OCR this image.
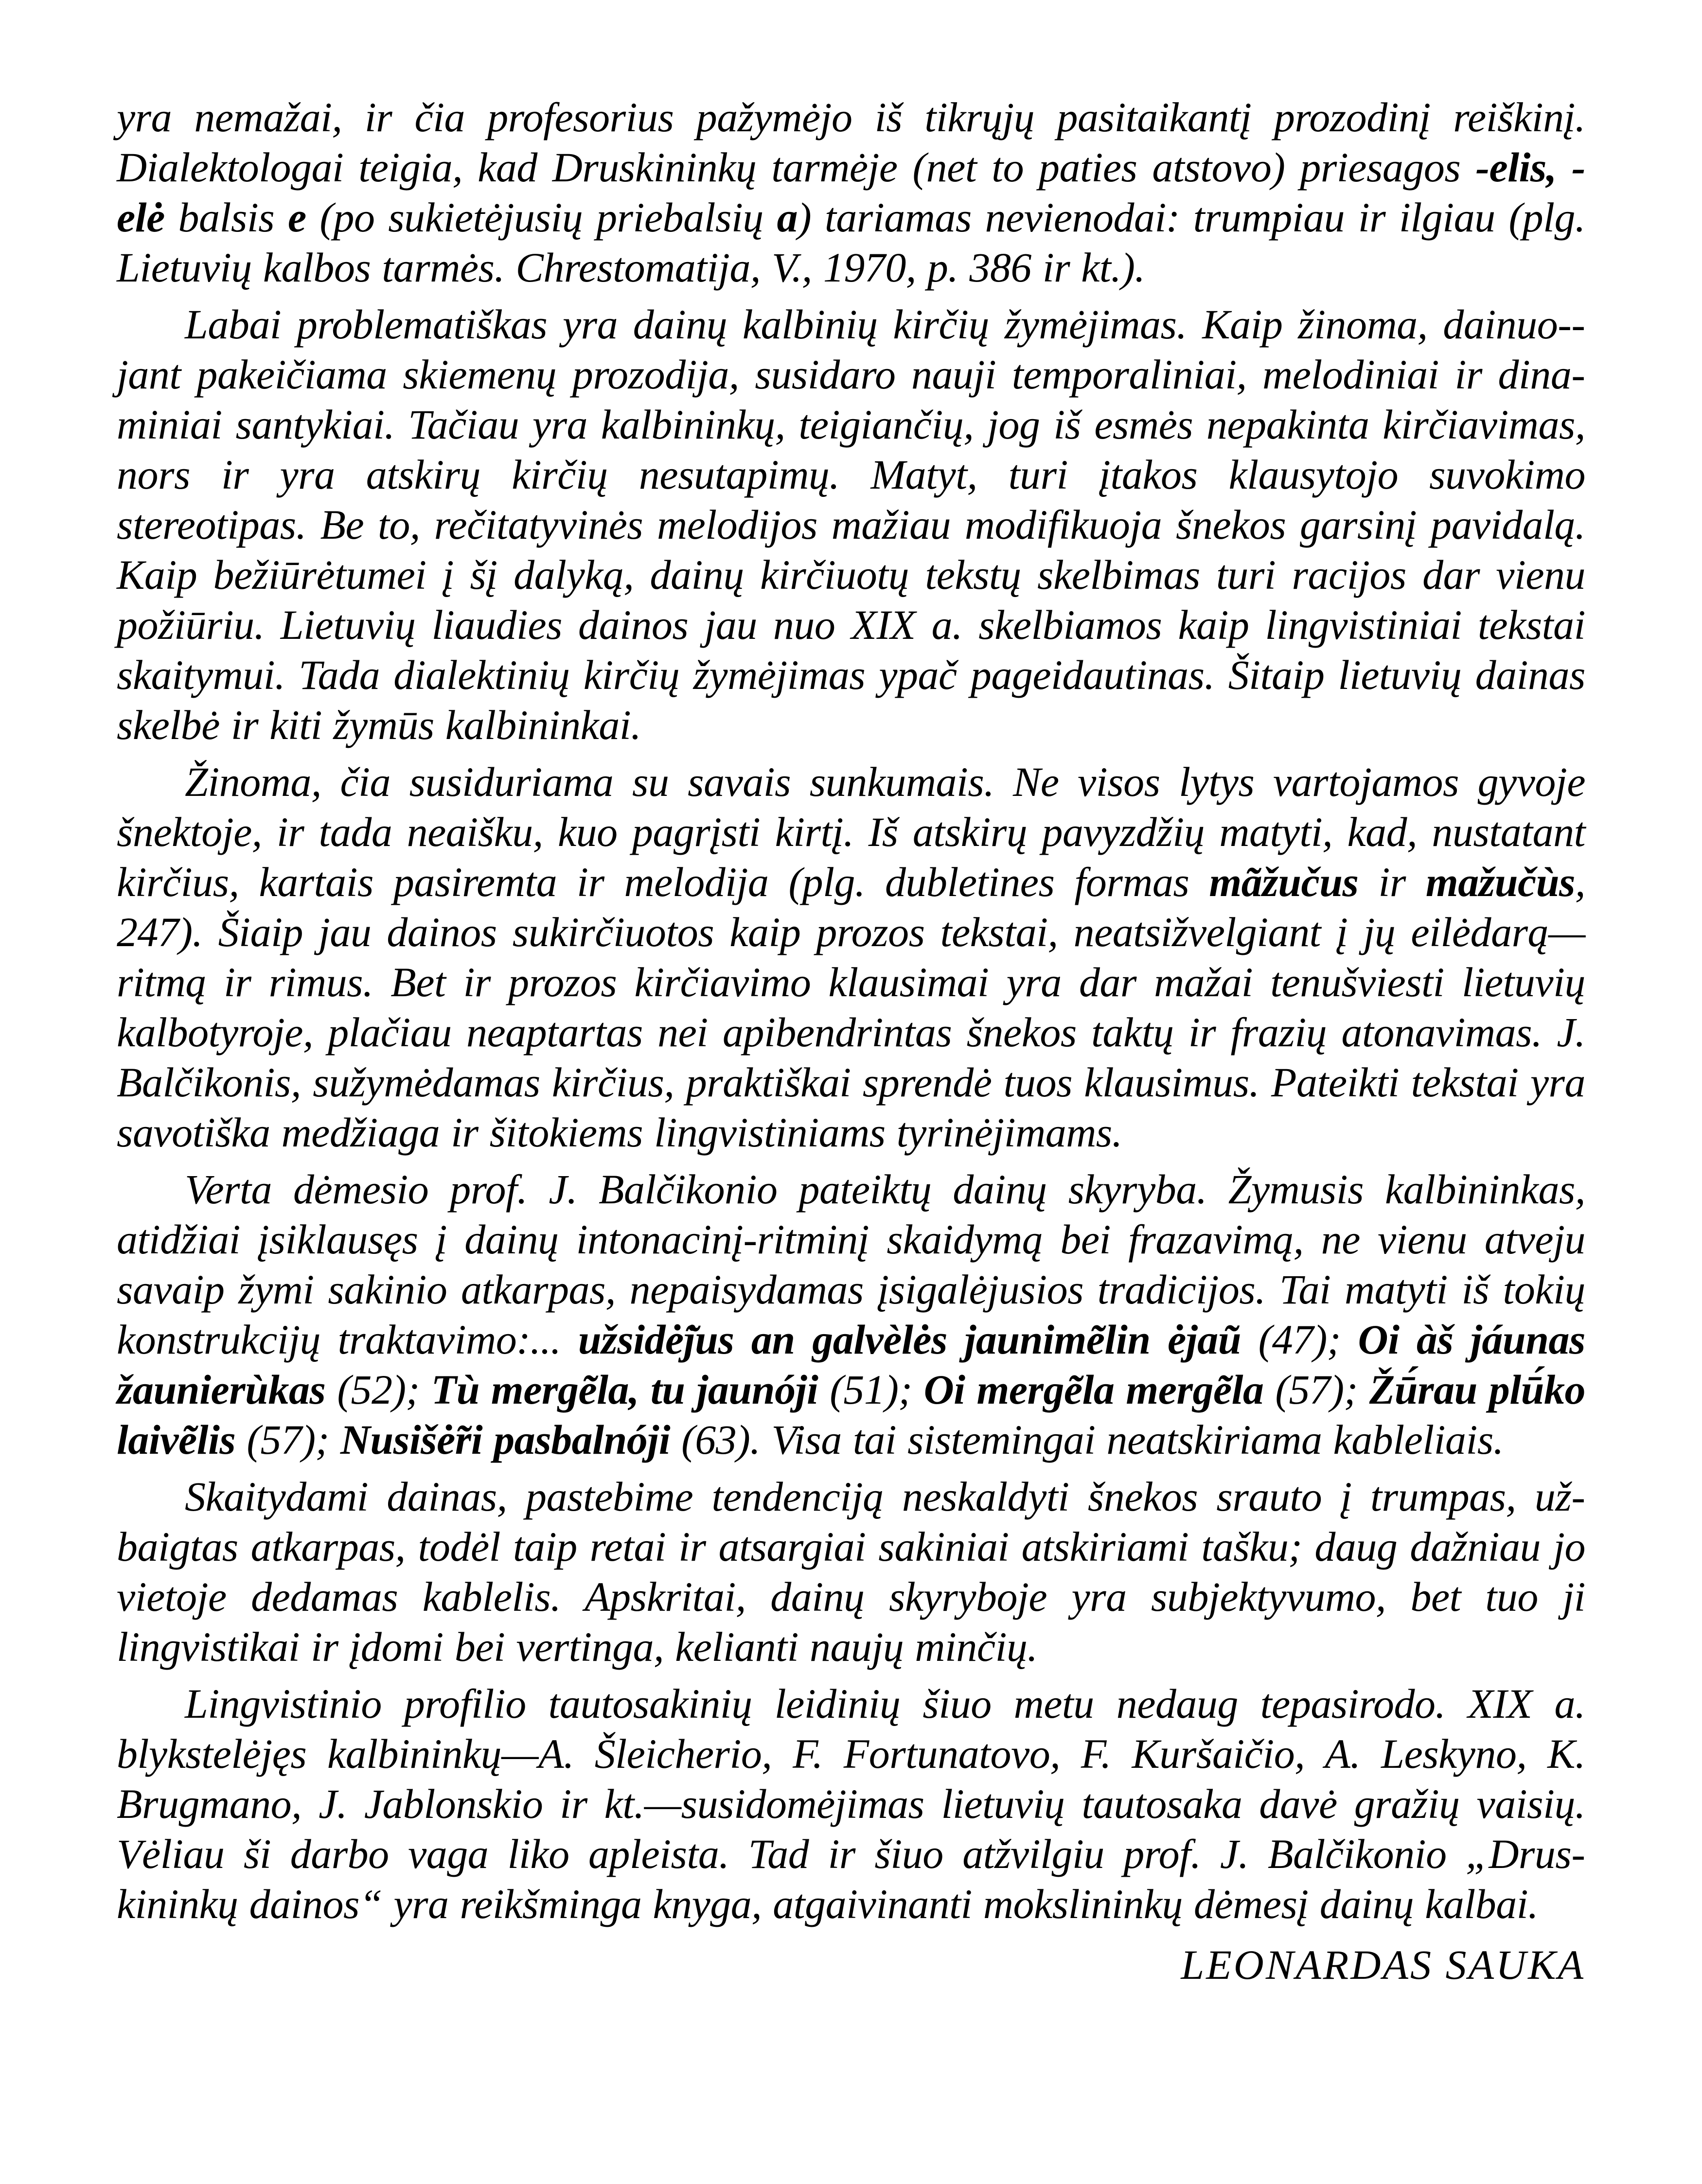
yra nemažai, ir čia profesorius pažymėjo iš tikrųjų pasitaikantį prozodinį reiškinį. Dialektologai teigia, kad Druskininkų tarmėje (net to paties atstovo) priesagos -elis, -elė balsis e (po sukietėjusių priebalsių a) tariamas nevienodai: trumpiau ir ilgiau (plg. Lietuvių kalbos tarmės. Chrestomatija, V., 1970, p. 386 ir kt.).

Labai problematiškas yra dainų kalbinių kirčių žymėjimas. Kaip žinoma, dainuo-jant pakeičiama skiemenų prozodija, susidaro nauji temporaliniai, melodiniai ir dinaminiai santykiai. Tačiau yra kalbininkų, teigiančių, jog iš esmės nepakinta kirčiavimas, nors ir yra atskirų kirčių nesutapimų. Matyt, turi įtakos klausytojo suvokimo stereotipas. Be to, rečitatyvinės melodijos mažiau modifikuoja šnekos garsinį pavidalą. Kaip bežiūrėtumei į šį dalyką, dainų kirčiuotų tekstų skelbimas turi racijos dar vienu požiūriu. Lietuvių liaudies dainos jau nuo XIX a. skelbiamos kaip lingvistiniai tekstai skaitymui. Tada dialektinių kirčių žymėjimas ypač pageidautinas. Šitaip lietuvių dainas skelbė ir kiti žymūs kalbininkai.

Žinoma, čia susiduriama su savais sunkumais. Ne visos lytys vartojamos gyvoje šnektoje, ir tada neaišku, kuo pagrįsti kirtį. Iš atskirų pavyzdžių matyti, kad, nustatant kirčius, kartais pasiremta ir melodija (plg. dubletines formas mãžučus ir mažučùs, 247). Šiaip jau dainos sukirčiuotos kaip prozos tekstai, neatsižvelgiant į jų eilėdarą—ritmą ir rimus. Bet ir prozos kirčiavimo klausimai yra dar mažai tenušviesti lietuvių kalbotyroje, plačiau neaptartas nei apibendrintas šnekos taktų ir frazių atonavimas. J. Balčikonis, sužymėdamas kirčius, praktiškai sprendė tuos klausimus. Pateikti tekstai yra savotiška medžiaga ir šitokiems lingvistiniams tyrinėjimams.

Verta dėmesio prof. J. Balčikonio pateiktų dainų skyryba. Žymusis kalbininkas, atidžiai įsiklausęs į dainų intonacinį-ritminį skaidymą bei frazavimą, ne vienu atveju savaip žymi sakinio atkarpas, nepaisydamas įsigalėjusios tradicijos. Tai matyti iš tokių konstrukcijų traktavimo:... užsidė̃jus an galvèlės jaunimẽlin ėjaũ (47); Oi àš jáunas žaunierùkas (52); Tù mergẽla, tu jaunóji (51); Oi mergẽla mergẽla (57); Žū́rau plū́ko laivẽlis (57); Nusišė̃ri pasbalnóji (63). Visa tai sistemingai neatskiriama kableliais.

Skaitydami dainas, pastebime tendenciją neskaldyti šnekos srauto į trumpas, užbaigtas atkarpas, todėl taip retai ir atsargiai sakiniai atskiriami tašku; daug dažniau jo vietoje dedamas kablelis. Apskritai, dainų skyryboje yra subjektyvumo, bet tuo ji lingvistikai ir įdomi bei vertinga, kelianti naujų minčių.

Lingvistinio profilio tautosakinių leidinių šiuo metu nedaug tepasirodo. XIX a. blykstelėjęs kalbininkų—A. Šleicherio, F. Fortunatovo, F. Kuršaičio, A. Leskyno, K. Brugmano, J. Jablonskio ir kt.—susidomėjimas lietuvių tautosaka davė gražių vaisių. Vėliau ši darbo vaga liko apleista. Tad ir šiuo atžvilgiu prof. J. Balčikonio „Druskininkų dainos“ yra reikšminga knyga, atgaivinanti mokslininkų dėmesį dainų kalbai.

LEONARDAS SAUKA
